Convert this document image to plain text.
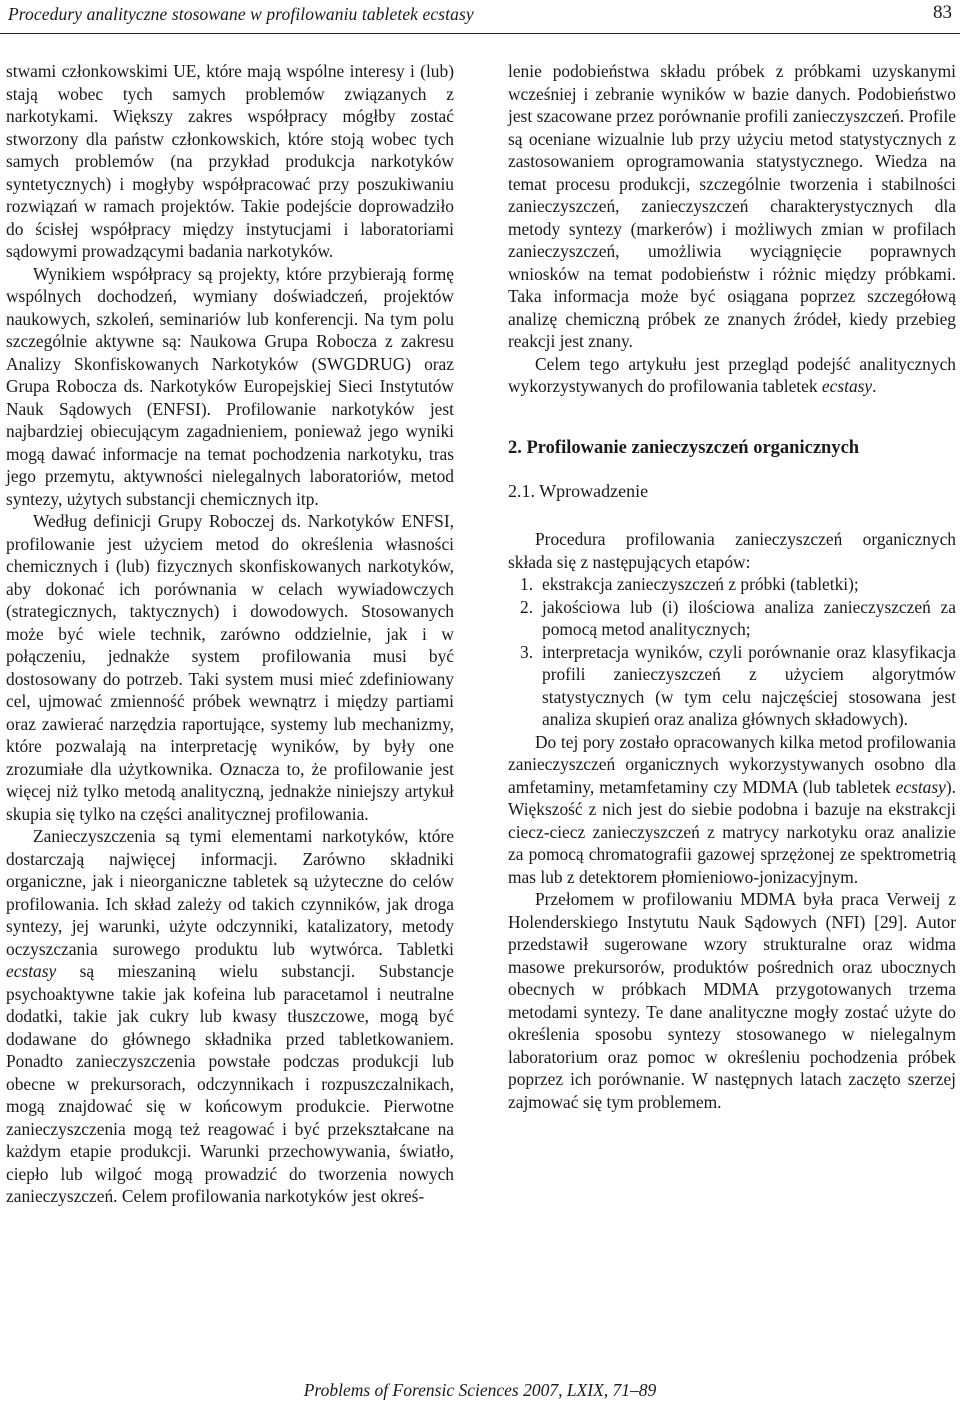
Procedury analityczne stosowane w profilowaniu tabletek ecstasy	83

stwami członkowskimi UE, które mają wspólne interesy i (lub) stają wobec tych samych problemów związanych z narkotykami. Większy zakres współpracy mógłby zostać stworzony dla państw członkowskich, które stoją wobec tych samych problemów (na przykład produkcja narkotyków syntetycznych) i mogłyby współpracować przy poszukiwaniu rozwiązań w ramach projektów. Takie podejście doprowadziło do ścisłej współpracy między instytucjami i laboratoriami sądowymi prowadzącymi badania narkotyków.

Wynikiem współpracy są projekty, które przybierają formę wspólnych dochodzeń, wymiany doświadczeń, projektów naukowych, szkoleń, seminariów lub konferencji. Na tym polu szczególnie aktywne są: Naukowa Grupa Robocza z zakresu Analizy Skonfiskowanych Narkotyków (SWGDRUG) oraz Grupa Robocza ds. Narkotyków Europejskiej Sieci Instytutów Nauk Sądowych (ENFSI). Profilowanie narkotyków jest najbardziej obiecującym zagadnieniem, ponieważ jego wyniki mogą dawać informacje na temat pochodzenia narkotyku, tras jego przemytu, aktywności nielegalnych laboratoriów, metod syntezy, użytych substancji chemicznych itp.

Według definicji Grupy Roboczej ds. Narkotyków ENFSI, profilowanie jest użyciem metod do określenia własności chemicznych i (lub) fizycznych skonfiskowanych narkotyków, aby dokonać ich porównania w celach wywiadowczych (strategicznych, taktycznych) i dowodowych. Stosowanych może być wiele technik, zarówno oddzielnie, jak i w połączeniu, jednakże system profilowania musi być dostosowany do potrzeb. Taki system musi mieć zdefiniowany cel, ujmować zmienność próbek wewnątrz i między partiami oraz zawierać narzędzia raportujące, systemy lub mechanizmy, które pozwalają na interpretację wyników, by były one zrozumiałe dla użytkownika. Oznacza to, że profilowanie jest więcej niż tylko metodą analityczną, jednakże niniejszy artykuł skupia się tylko na części analitycznej profilowania.

Zanieczyszczenia są tymi elementami narkotyków, które dostarczają najwięcej informacji. Zarówno składniki organiczne, jak i nieorganiczne tabletek są użyteczne do celów profilowania. Ich skład zależy od takich czynników, jak droga syntezy, jej warunki, użyte odczynniki, katalizatory, metody oczyszczania surowego produktu lub wytwórca. Tabletki ecstasy są mieszaniną wielu substancji. Substancje psychoaktywne takie jak kofeina lub paracetamol i neutralne dodatki, takie jak cukry lub kwasy tłuszczowe, mogą być dodawane do głównego składnika przed tabletkowaniem. Ponadto zanieczyszczenia powstałe podczas produkcji lub obecne w prekursorach, odczynnikach i rozpuszczalnikach, mogą znajdować się w końcowym produkcie. Pierwotne zanieczyszczenia mogą też reagować i być przekształcane na każdym etapie produkcji. Warunki przechowywania, światło, ciepło lub wilgoć mogą prowadzić do tworzenia nowych zanieczyszczeń. Celem profilowania narkotyków jest okreś-

lenie podobieństwa składu próbek z próbkami uzyskanymi wcześniej i zebranie wyników w bazie danych. Podobieństwo jest szacowane przez porównanie profili zanieczyszczeń. Profile są oceniane wizualnie lub przy użyciu metod statystycznych z zastosowaniem oprogramowania statystycznego. Wiedza na temat procesu produkcji, szczególnie tworzenia i stabilności zanieczyszczeń, zanieczyszczeń charakterystycznych dla metody syntezy (markerów) i możliwych zmian w profilach zanieczyszczeń, umożliwia wyciągnięcie poprawnych wniosków na temat podobieństw i różnic między próbkami. Taka informacja może być osiągana poprzez szczegółową analizę chemiczną próbek ze znanych źródeł, kiedy przebieg reakcji jest znany.

Celem tego artykułu jest przegląd podejść analitycznych wykorzystywanych do profilowania tabletek ecstasy.

2. Profilowanie zanieczyszczeń organicznych

2.1. Wprowadzenie

Procedura profilowania zanieczyszczeń organicznych składa się z następujących etapów:

1. ekstrakcja zanieczyszczeń z próbki (tabletki);
2. jakościowa lub (i) ilościowa analiza zanieczyszczeń za pomocą metod analitycznych;
3. interpretacja wyników, czyli porównanie oraz klasyfikacja profili zanieczyszczeń z użyciem algorytmów statystycznych (w tym celu najczęściej stosowana jest analiza skupień oraz analiza głównych składowych).

Do tej pory zostało opracowanych kilka metod profilowania zanieczyszczeń organicznych wykorzystywanych osobno dla amfetaminy, metamfetaminy czy MDMA (lub tabletek ecstasy). Większość z nich jest do siebie podobna i bazuje na ekstrakcji ciecz-ciecz zanieczyszczeń z matrycy narkotyku oraz analizie za pomocą chromatografii gazowej sprzężonej ze spektrometrią mas lub z detektorem płomieniowo-jonizacyjnym.

Przełomem w profilowaniu MDMA była praca Verweij z Holenderskiego Instytutu Nauk Sądowych (NFI) [29]. Autor przedstawił sugerowane wzory strukturalne oraz widma masowe prekursorów, produktów pośrednich oraz ubocznych obecnych w próbkach MDMA przygotowanych trzema metodami syntezy. Te dane analityczne mogły zostać użyte do określenia sposobu syntezy stosowanego w nielegalnym laboratorium oraz pomoc w określeniu pochodzenia próbek poprzez ich porównanie. W następnych latach zaczęto szerzej zajmować się tym problemem.

Problems of Forensic Sciences 2007, LXIX, 71–89
